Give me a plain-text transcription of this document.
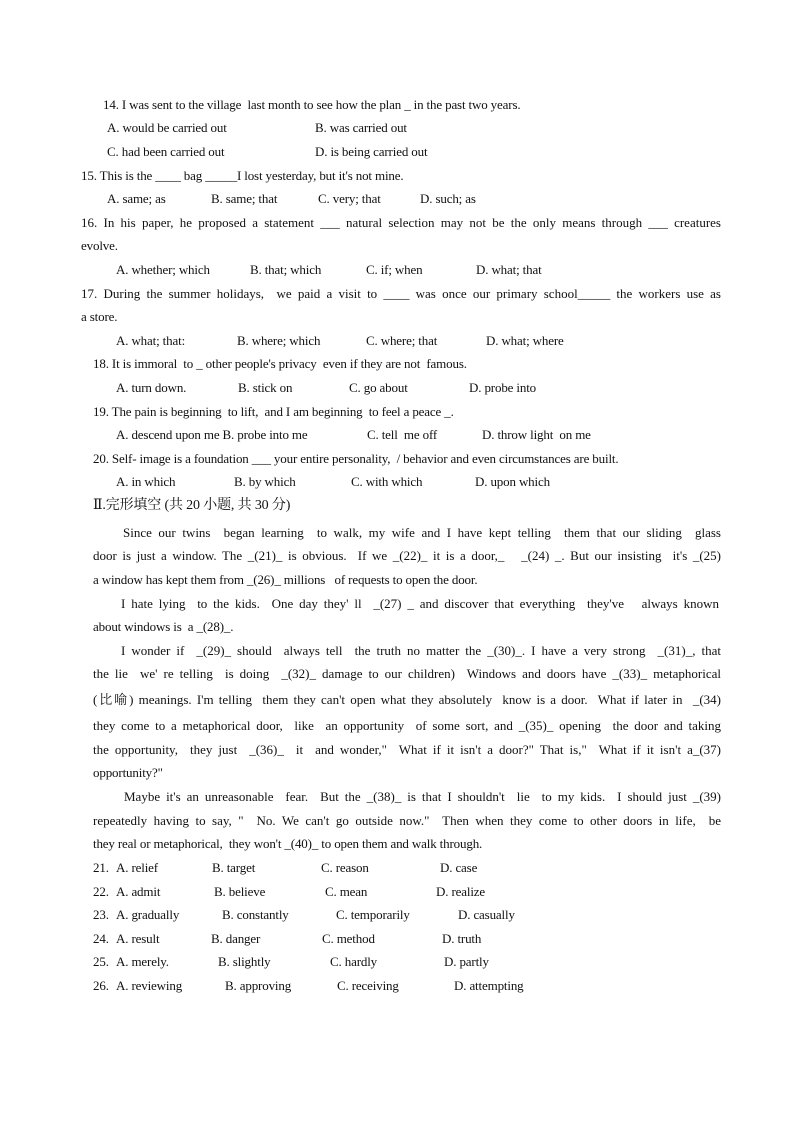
14. I was sent to the village  last month to see how the plan _ in the past two years.
A. would be carried out	B. was carried out
C. had been carried out	D. is being carried out
15. This is the ____ bag _____I lost yesterday, but it's not mine.
A. same; as	B. same; that	C. very; that	D. such; as
16. In his paper, he proposed a statement ___ natural selection may not be the only means through ___ creatures
evolve.
A. whether; which	B. that; which	C. if; when	D. what; that
17. During the summer holidays,  we paid a visit to ____ was once our primary school_____ the workers use as
a store.
A. what; that:	B. where; which	C. where; that	D. what; where
18. It is immoral  to _ other people's privacy  even if they are not  famous.
A. turn down.	B. stick on	C. go about	D. probe into
19. The pain is beginning  to lift,  and I am beginning  to feel a peace _.
A. descend upon me B. probe into me	C. tell  me off	D. throw light  on me
20. Self- image is a foundation ___ your entire personality,  / behavior and even circumstances are built.
A. in which	B. by which	C. with which	D. upon which
Ⅱ.完形填空 (共 20 小题, 共 30 分)
Since our twins  began learning  to walk, my wife and I have kept telling  them that our sliding  glass
door is just a window. The _(21)_ is obvious.  If we _(22)_ it is a door,_   _(24) _. But our insisting  it's _(25)
a window has kept them from _(26)_ millions   of requests to open the door.
I hate lying  to the kids.  One day they' ll  _(27) _ and discover that everything  they've   always known
about windows is  a _(28)_.
I wonder if  _(29)_ should  always tell  the truth no matter the _(30)_. I have a very strong  _(31)_, that
the lie  we' re telling  is doing  _(32)_ damage to our children)  Windows and doors have _(33)_ metaphorical
(比喻) meanings. I'm telling  them they can't open what they absolutely  know is a door.  What if later in  _(34)
they come to a metaphorical door,  like  an opportunity  of some sort, and _(35)_ opening  the door and taking
the opportunity,  they just  _(36)_  it  and wonder,"  What if it isn't a door?" That is,"  What if it isn't a_(37)
opportunity?"
Maybe it's an unreasonable  fear.  But the _(38)_ is that I shouldn't  lie  to my kids.  I should just _(39)
repeatedly having to say, "  No. We can't go outside now."  Then when they come to other doors in life,  be
they real or metaphorical,  they won't _(40)_ to open them and walk through.
21. A. relief	B. target	C. reason	D. case
22. A. admit	B. believe	C. mean	D. realize
23. A. gradually	B. constantly	C. temporarily	D. casually
24. A. result	B. danger	C. method	D. truth
25. A. merely.	B. slightly	C. hardly	D. partly
26. A. reviewing	B. approving	C. receiving	D. attempting
